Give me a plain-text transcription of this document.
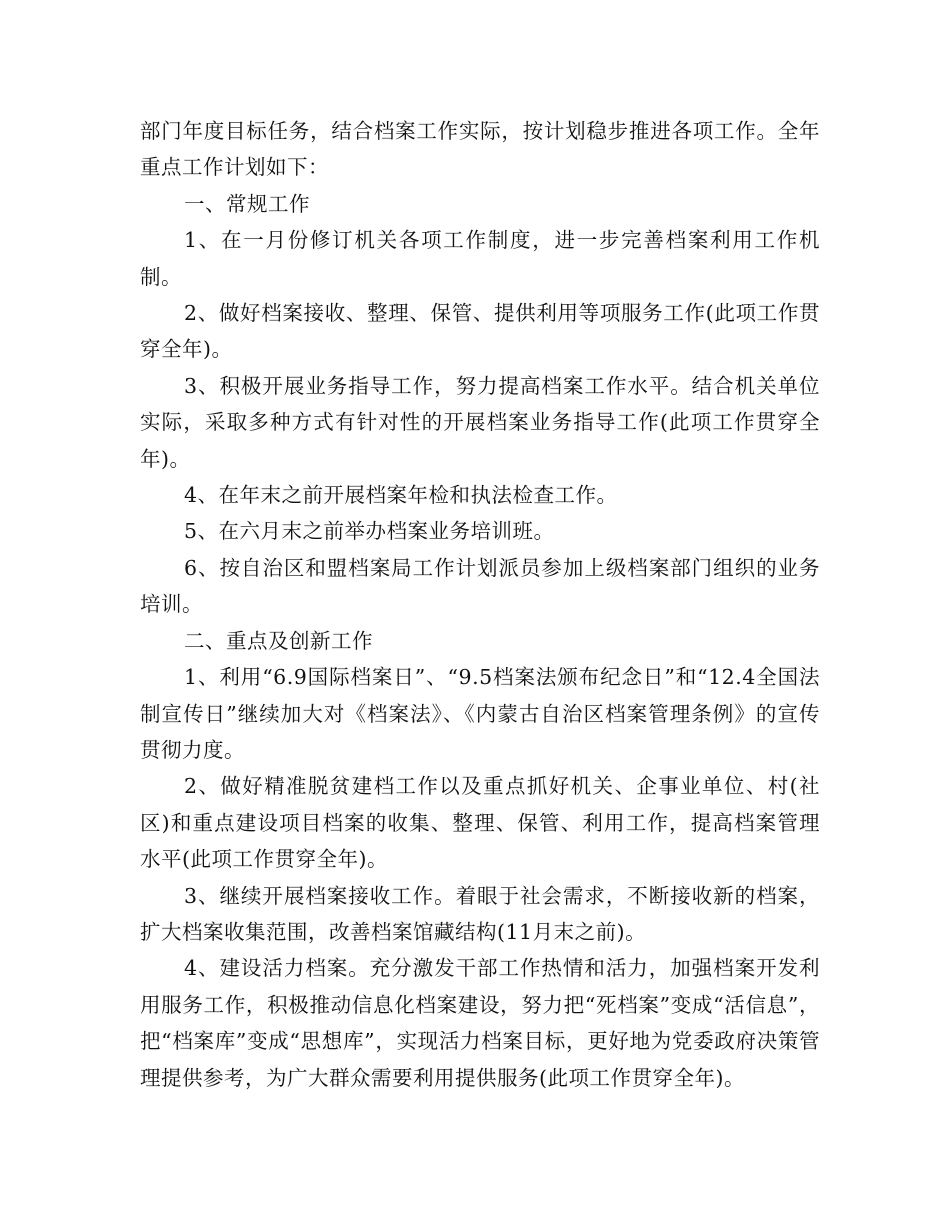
部门年度目标任务，结合档案工作实际，按计划稳步推进各项工作。全年重点工作计划如下：

一、常规工作

1、在一月份修订机关各项工作制度，进一步完善档案利用工作机制。

2、做好档案接收、整理、保管、提供利用等项服务工作(此项工作贯穿全年)。

3、积极开展业务指导工作，努力提高档案工作水平。结合机关单位实际，采取多种方式有针对性的开展档案业务指导工作(此项工作贯穿全年)。

4、在年末之前开展档案年检和执法检查工作。

5、在六月末之前举办档案业务培训班。

6、按自治区和盟档案局工作计划派员参加上级档案部门组织的业务培训。

二、重点及创新工作

1、利用“6.9国际档案日”、“9.5档案法颁布纪念日”和“12.4全国法制宣传日”继续加大对《档案法》、《内蒙古自治区档案管理条例》的宣传贯彻力度。

2、做好精准脱贫建档工作以及重点抓好机关、企事业单位、村(社区)和重点建设项目档案的收集、整理、保管、利用工作，提高档案管理水平(此项工作贯穿全年)。

3、继续开展档案接收工作。着眼于社会需求，不断接收新的档案，扩大档案收集范围，改善档案馆藏结构(11月末之前)。

4、建设活力档案。充分激发干部工作热情和活力，加强档案开发利用服务工作，积极推动信息化档案建设，努力把“死档案”变成“活信息”，把“档案库”变成“思想库”，实现活力档案目标，更好地为党委政府决策管理提供参考，为广大群众需要利用提供服务(此项工作贯穿全年)。
